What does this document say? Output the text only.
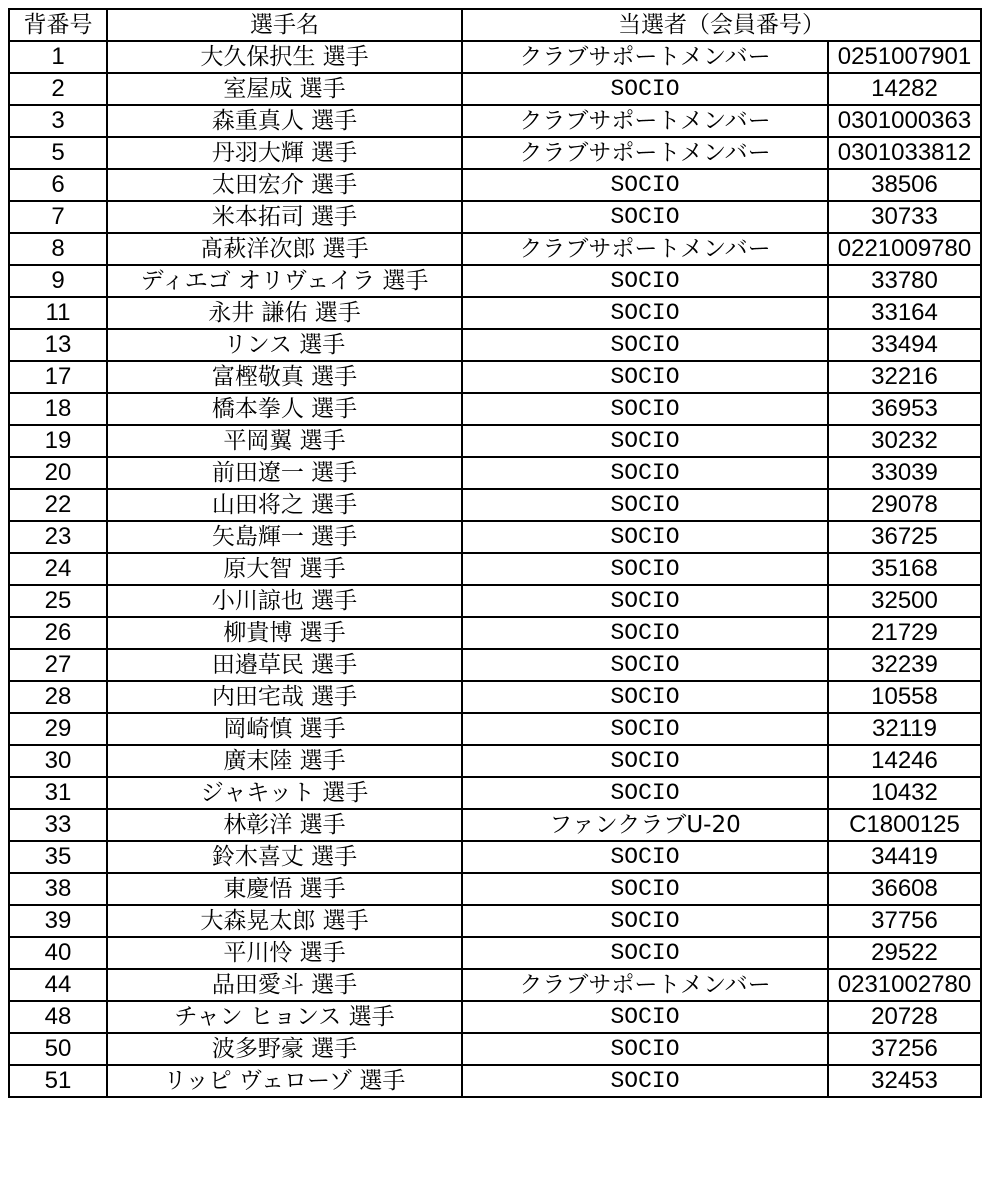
背番号	選手名	当選者（会員番号）	
1	大久保択生 選手	クラブサポートメンバー	0251007901
2	室屋成 選手	SOCIO	14282
3	森重真人 選手	クラブサポートメンバー	0301000363
5	丹羽大輝 選手	クラブサポートメンバー	0301033812
6	太田宏介 選手	SOCIO	38506
7	米本拓司 選手	SOCIO	30733
8	髙萩洋次郎 選手	クラブサポートメンバー	0221009780
9	ディエゴ オリヴェイラ 選手	SOCIO	33780
11	永井 謙佑 選手	SOCIO	33164
13	リンス 選手	SOCIO	33494
17	富樫敬真 選手	SOCIO	32216
18	橋本拳人 選手	SOCIO	36953
19	平岡翼 選手	SOCIO	30232
20	前田遼一 選手	SOCIO	33039
22	山田将之 選手	SOCIO	29078
23	矢島輝一 選手	SOCIO	36725
24	原大智 選手	SOCIO	35168
25	小川諒也 選手	SOCIO	32500
26	柳貴博 選手	SOCIO	21729
27	田邉草民 選手	SOCIO	32239
28	内田宅哉 選手	SOCIO	10558
29	岡崎慎 選手	SOCIO	32119
30	廣末陸 選手	SOCIO	14246
31	ジャキット 選手	SOCIO	10432
33	林彰洋 選手	ファンクラブU-20	C1800125
35	鈴木喜丈 選手	SOCIO	34419
38	東慶悟 選手	SOCIO	36608
39	大森晃太郎 選手	SOCIO	37756
40	平川怜 選手	SOCIO	29522
44	品田愛斗 選手	クラブサポートメンバー	0231002780
48	チャン ヒョンス 選手	SOCIO	20728
50	波多野豪 選手	SOCIO	37256
51	リッピ ヴェローゾ 選手	SOCIO	32453
